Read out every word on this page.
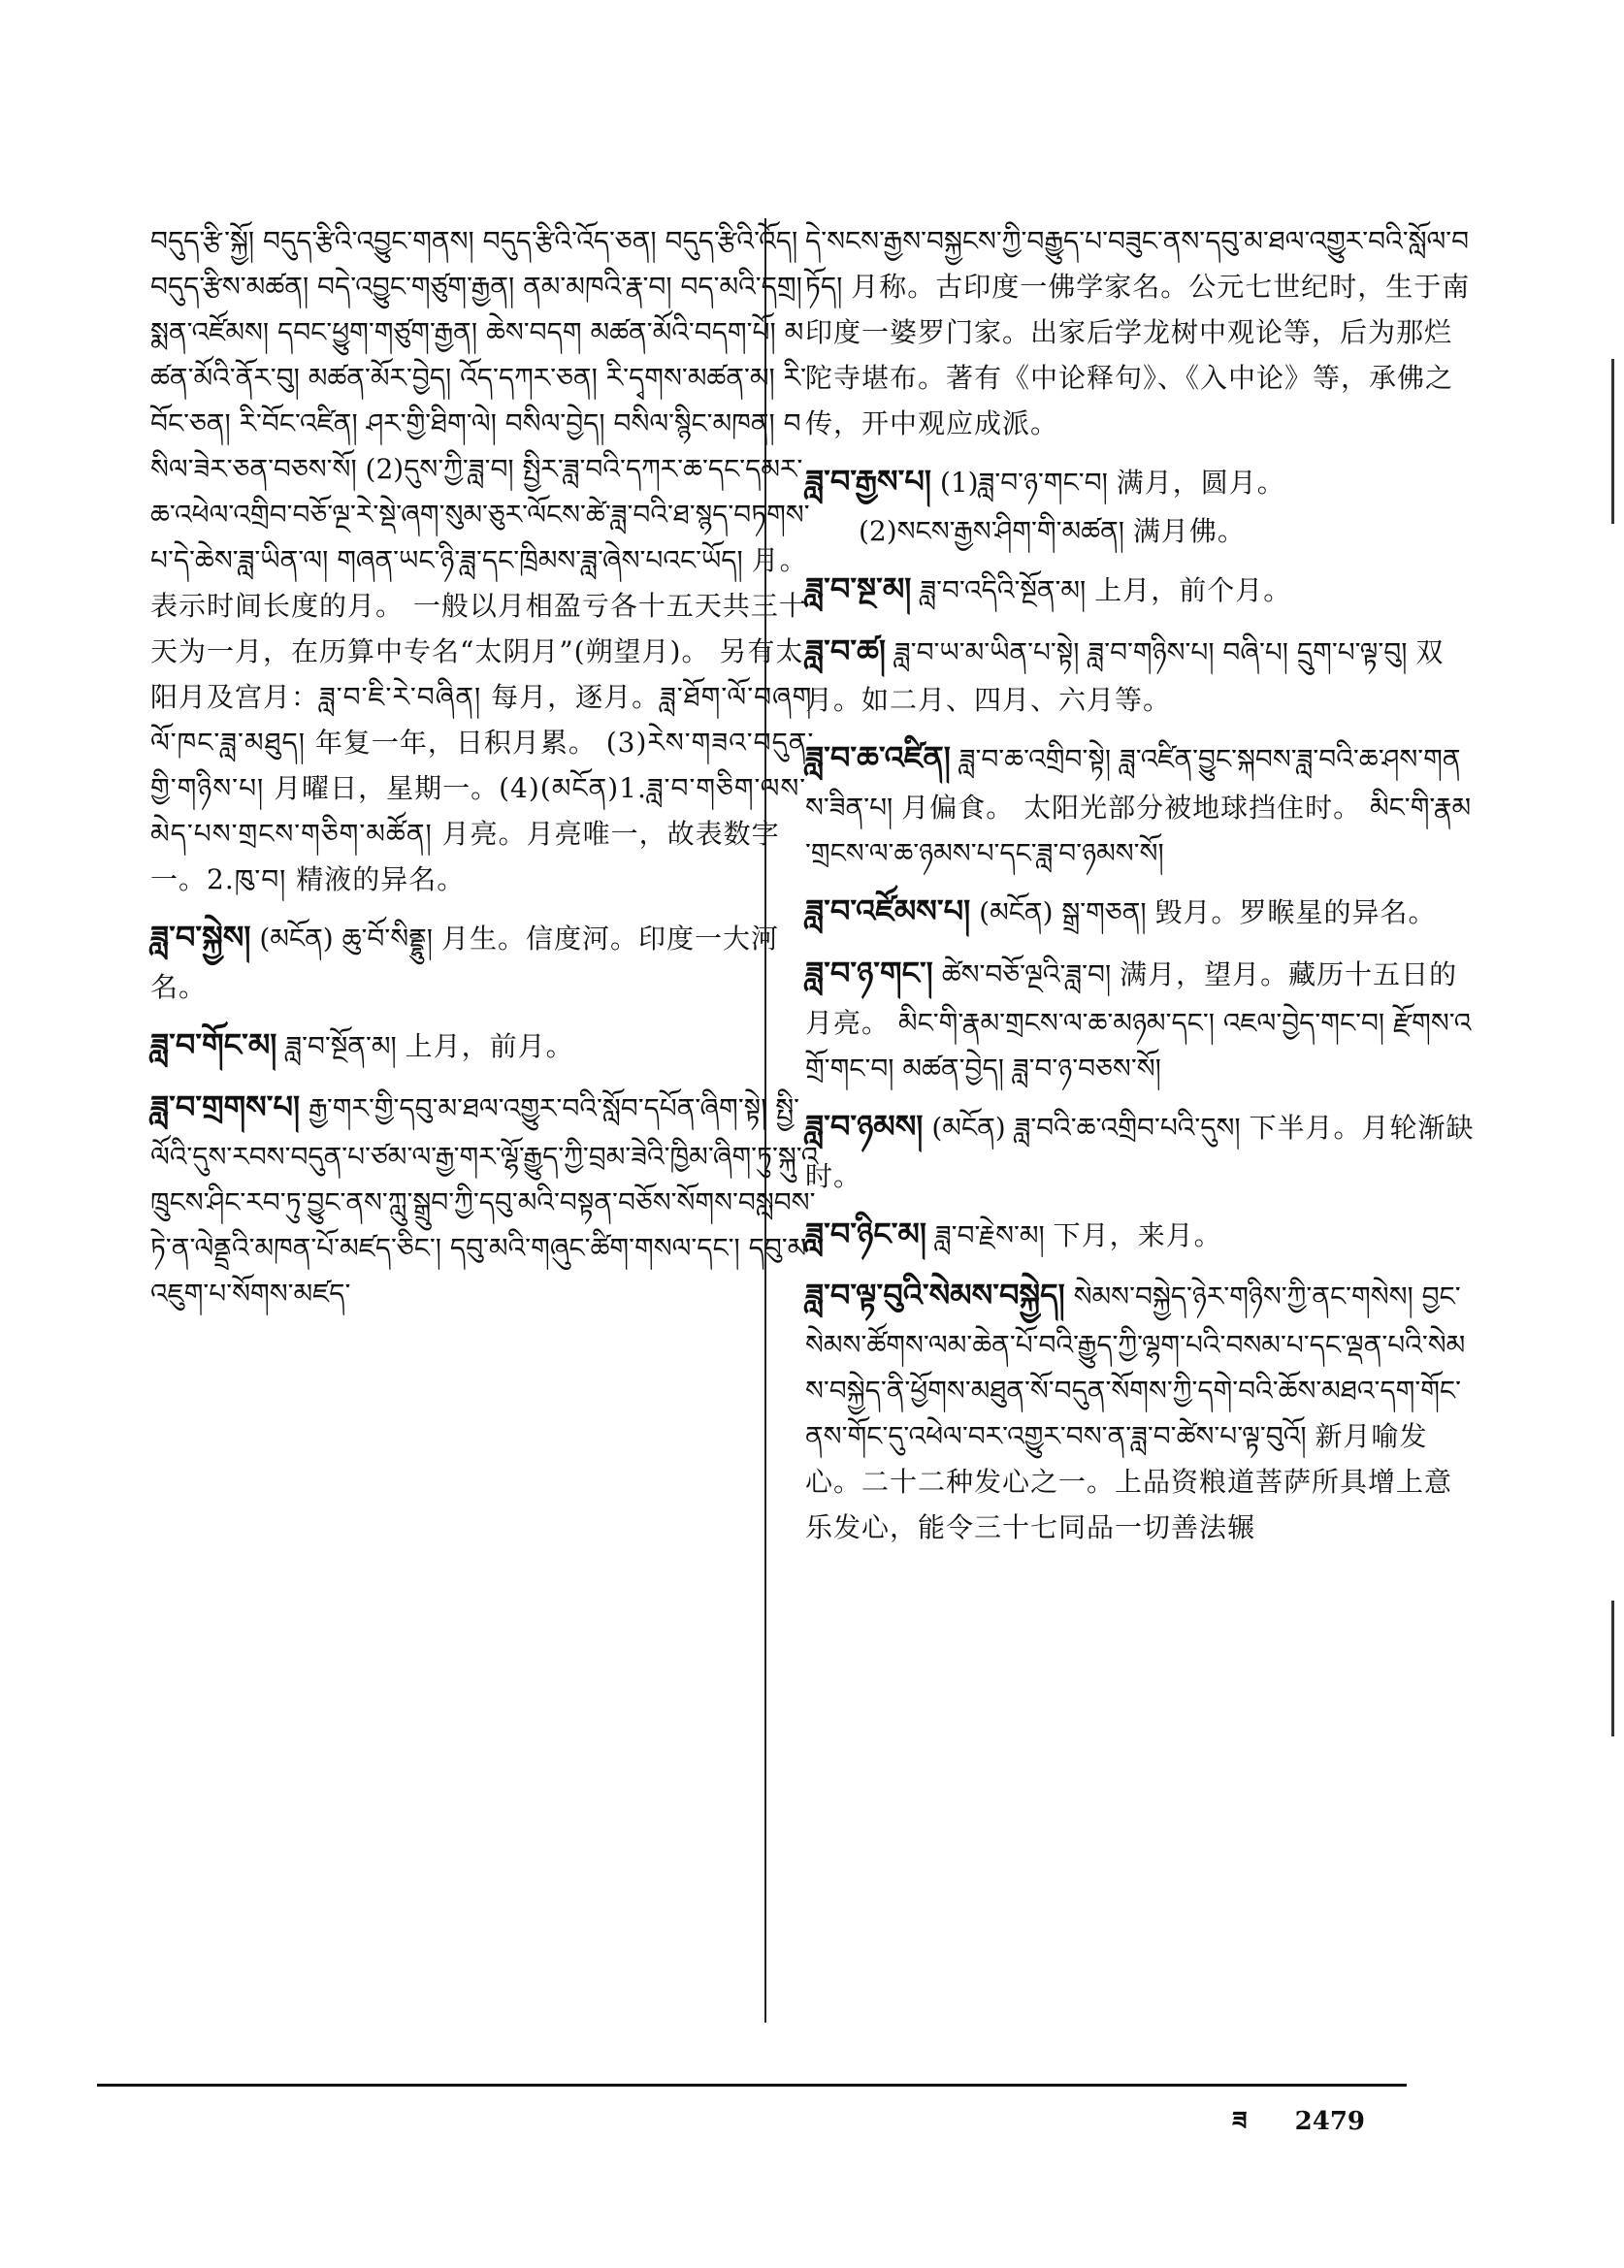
བདུད་རྩི་སྐྱོ། བདུད་རྩིའི་འབྱུང་གནས། བདུད་རྩིའི་འོད་ཅན། བདུད་རྩིའི་འོད། བདུད་རྩིས་མཚན། བདེ་འབྱུང་གཙུག་རྒྱན། ནམ་མཁའི་རྣ་བ། བད་མའི་དགྲ། སྨན་འཛོམས། དབང་ཕྱུག་གཙུག་རྒྱན། ཆེས་བདག མཚན་མོའི་བདག་པོ། མཚན་མོའི་ནོར་བུ། མཚན་མོར་བྱེད། འོད་དཀར་ཅན། རི་དྭགས་མཚན་མ། རི་བོང་ཅན། རི་བོང་འཛིན། ཤར་གྱི་ཐིག་ལེ། བསིལ་བྱེད། བསིལ་སྙིང་མཁན། བསིལ་ཟེར་ཅན་བཅས་སོ། (2)དུས་ཀྱི་ཟླ་བ། སྤྱིར་ཟླ་བའི་དཀར་ཆ་དང་དམར་ཆ་འཕེལ་འགྲིབ་བཅོ་ལྔ་རེ་སྡེ་ཞག་སུམ་ཅུར་ལོངས་ཚེ་ཟླ་བའི་ཐ་སྙད་བཏགས་པ་དེ་ཆེས་ཟླ་ཡིན་ལ། གཞན་ཡང་ཉི་ཟླ་དང་ཁྲིམས་ཟླ་ཞེས་པའང་ཡོད། 月。表示时间长度的月。 一般以月相盈亏各十五天共三十天为一月，在历算中专名“太阴月”(朔望月)。 另有太阳月及宫月：ཟླ་བ་ཇི་རེ་བཞིན། 每月，逐月。ཟླ་ཐོག་ལོ་བཞག ལོ་ཁང་ཟླ་མཐུད། 年复一年，日积月累。 (3)རེས་གཟའ་བདུན་གྱི་གཉིས་པ། 月曜日，星期一。(4)(མངོན)1.ཟླ་བ་གཅིག་ལས་མེད་པས་གྲངས་གཅིག་མཚོན། 月亮。月亮唯一，故表数字一。2.ཁུ་བ། 精液的异名。
ཟླ་བ་སྐྱེས། (མངོན) ཆུ་བོ་སིནྡྷུ། 月生。信度河。印度一大河名。
ཟླ་བ་གོང་མ། ཟླ་བ་སྔོན་མ། 上月，前月。
ཟླ་བ་གྲགས་པ། རྒྱ་གར་གྱི་དབུ་མ་ཐལ་འགྱུར་བའི་སློབ་དཔོན་ཞིག་སྟེ། སྤྱི་ལོའི་དུས་རབས་བདུན་པ་ཙམ་ལ་རྒྱ་གར་ལྷོ་རྒྱུད་ཀྱི་བྲམ་ཟེའི་ཁྱིམ་ཞིག་ཏུ་སྐུ་འཁྲུངས་ཤིང་རབ་ཏུ་བྱུང་ནས་ཀླུ་སྒྲུབ་ཀྱི་དབུ་མའི་བསྟན་བཅོས་སོགས་བསླབས་ཏེ་ན་ལེནྡྲའི་མཁན་པོ་མཛད་ཅིང་། དབུ་མའི་གཞུང་ཚིག་གསལ་དང་། དབུ་མ་འཇུག་པ་སོགས་མཛད་
དེ་སངས་རྒྱས་བསྐྱངས་ཀྱི་བརྒྱུད་པ་བཟུང་ནས་དབུ་མ་ཐལ་འགྱུར་བའི་སློལ་བཏོད། 月称。古印度一佛学家名。公元七世纪时，生于南印度一婆罗门家。出家后学龙树中观论等，后为那烂陀寺堪布。著有《中论释句》、《入中论》等，承佛之传，开中观应成派。
ཟླ་བ་རྒྱས་པ། (1)ཟླ་བ་ཉ་གང་བ། 满月，圆月。
(2)སངས་རྒྱས་ཤིག་གི་མཚན། 满月佛。
ཟླ་བ་སྔ་མ། ཟླ་བ་འདིའི་སྔོན་མ། 上月，前个月。
ཟླ་བ་ཚ། ཟླ་བ་ཡ་མ་ཡིན་པ་སྟེ། ཟླ་བ་གཉིས་པ། བཞི་པ། དྲུག་པ་ལྟ་བུ། 双月。如二月、四月、六月等。
ཟླ་བ་ཆ་འཛིན། ཟླ་བ་ཆ་འགྲིབ་སྟེ། ཟླ་འཛིན་བྱུང་སྐབས་ཟླ་བའི་ཆ་ཤས་གནས་ཟིན་པ། 月偏食。 太阳光部分被地球挡住时。 མིང་གི་རྣམ་གྲངས་ལ་ཆ་ཉམས་པ་དང་ཟླ་བ་ཉམས་སོ།
ཟླ་བ་འཛོམས་པ། (མངོན) སྒྲ་གཅན། 毁月。罗睺星的异名。
ཟླ་བ་ཉ་གང་། ཚེས་བཅོ་ལྔའི་ཟླ་བ། 满月，望月。藏历十五日的月亮。 མིང་གི་རྣམ་གྲངས་ལ་ཆ་མཉམ་དང་། འཇལ་བྱེད་གང་བ། རྫོགས་འགྲོ་གང་བ། མཚན་བྱེད། ཟླ་བ་ཉ་བཅས་སོ།
ཟླ་བ་ཉམས། (མངོན) ཟླ་བའི་ཆ་འགྲིབ་པའི་དུས། 下半月。月轮渐缺时。
ཟླ་བ་ཉིང་མ། ཟླ་བ་རྗེས་མ། 下月，来月。
ཟླ་བ་ལྟ་བུའི་སེམས་བསྐྱེད། སེམས་བསྐྱེད་ཉེར་གཉིས་ཀྱི་ནང་གསེས། བྱང་སེམས་ཚོགས་ལམ་ཆེན་པོ་བའི་རྒྱུད་ཀྱི་ལྷག་པའི་བསམ་པ་དང་ལྡན་པའི་སེམས་བསྐྱེད་ནི་ཕྱོགས་མཐུན་སོ་བདུན་སོགས་ཀྱི་དགེ་བའི་ཆོས་མཐའ་དག་གོང་ནས་གོང་དུ་འཕེལ་བར་འགྱུར་བས་ན་ཟླ་བ་ཚེས་པ་ལྟ་བུའོ། 新月喻发心。二十二种发心之一。上品资粮道菩萨所具增上意乐发心，能令三十七同品一切善法辗
ཟ 2479
